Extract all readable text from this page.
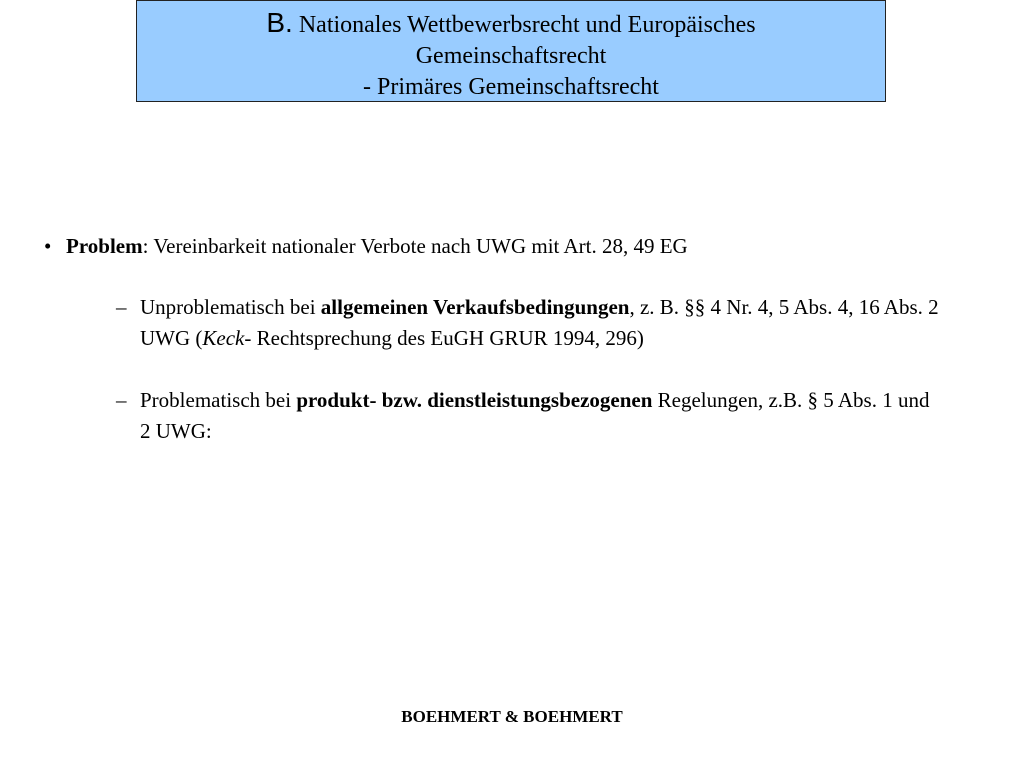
B. Nationales Wettbewerbsrecht und Europäisches
Gemeinschaftsrecht
- Primäres Gemeinschaftsrecht
• Problem: Vereinbarkeit nationaler Verbote nach UWG mit Art. 28, 49 EG
– Unproblematisch bei allgemeinen Verkaufsbedingungen, z. B. §§ 4 Nr. 4, 5 Abs. 4, 16 Abs. 2 UWG (Keck- Rechtsprechung des EuGH GRUR 1994, 296)
– Problematisch bei produkt- bzw. dienstleistungsbezogenen Regelungen, z.B. § 5 Abs. 1 und 2 UWG:
BOEHMERT & BOEHMERT
